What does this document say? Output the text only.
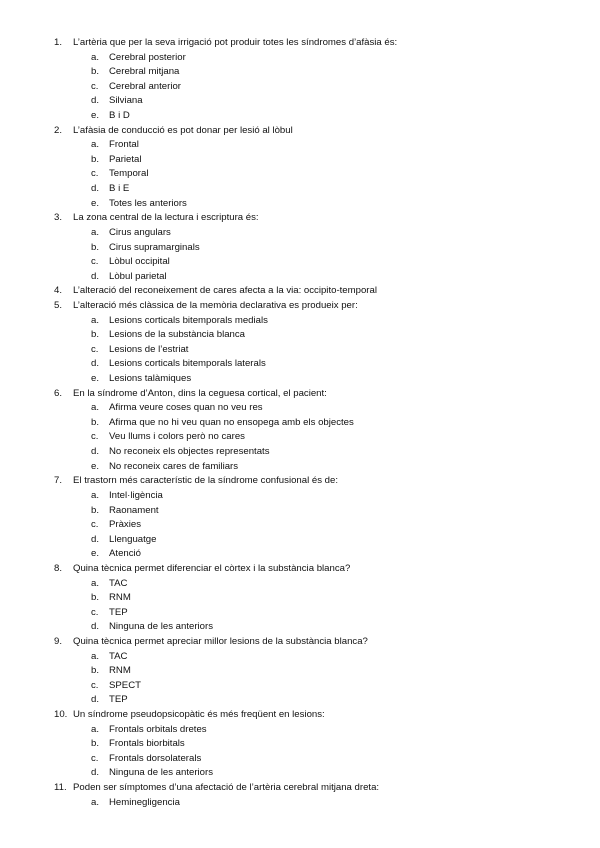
1. L’artèria que per la seva irrigació pot produir totes les síndromes d’afàsia és:
a. Cerebral posterior
b. Cerebral mitjana
c. Cerebral anterior
d. Silviana
e. B i D
2. L’afàsia de conducció es pot donar per lesió al lòbul
a. Frontal
b. Parietal
c. Temporal
d. B i E
e. Totes les anteriors
3. La zona central de la lectura i escriptura és:
a. Cirus angulars
b. Cirus supramarginals
c. Lòbul occipital
d. Lòbul parietal
4. L’alteració del reconeixement de cares afecta a la via: occipito-temporal
5. L’alteració més clàssica de la memòria declarativa es produeix per:
a. Lesions corticals bitemporals medials
b. Lesions de la substància blanca
c. Lesions de l’estriat
d. Lesions corticals bitemporals laterals
e. Lesions talàmiques
6. En la síndrome d’Anton, dins la ceguesa cortical, el pacient:
a. Afirma veure coses quan no veu res
b. Afirma que no hi veu quan no ensopega amb els objectes
c. Veu llums i colors però no cares
d. No reconeix els objectes representats
e. No reconeix cares de familiars
7. El trastorn més característic de la síndrome confusional és de:
a. Intel·ligència
b. Raonament
c. Pràxies
d. Llenguatge
e. Atenció
8. Quina tècnica permet diferenciar el còrtex i la substància blanca?
a. TAC
b. RNM
c. TEP
d. Ninguna de les anteriors
9. Quina tècnica permet apreciar millor lesions de la substància blanca?
a. TAC
b. RNM
c. SPECT
d. TEP
10. Un síndrome pseudopsicopàtic és més freqüent en lesions:
a. Frontals orbitals dretes
b. Frontals biorbitals
c. Frontals dorsolaterals
d. Ninguna de les anteriors
11. Poden ser símptomes d’una afectació de l’artèria cerebral mitjana dreta:
a. Heminegligencia
